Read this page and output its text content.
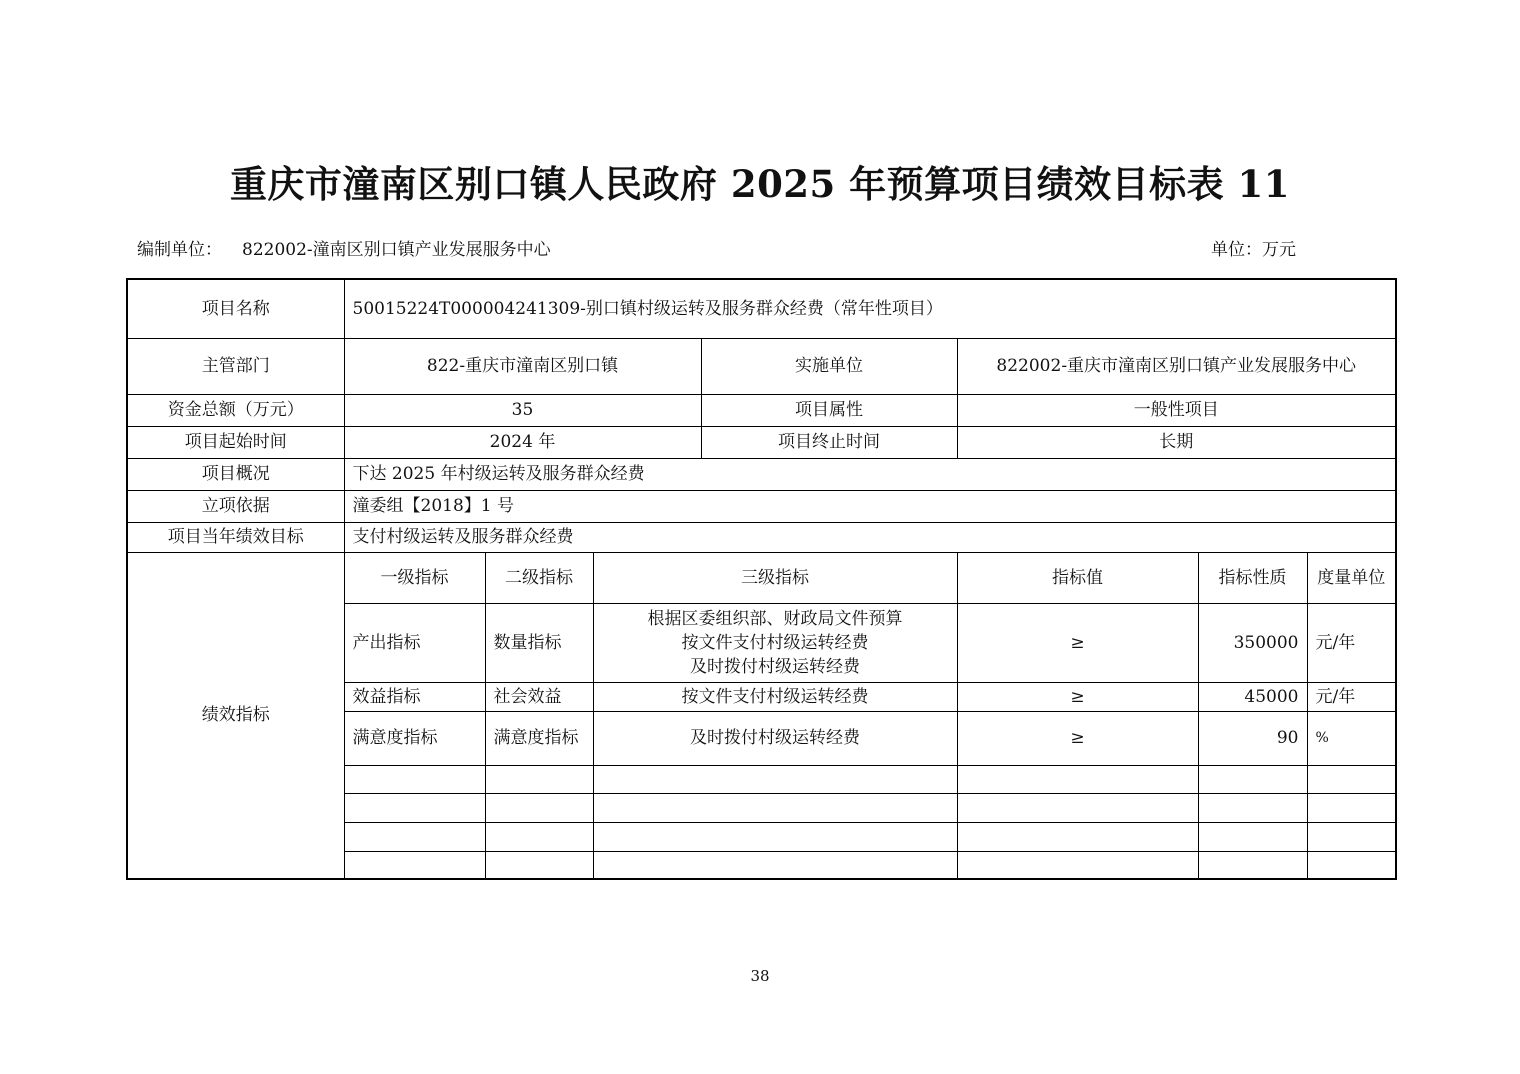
重庆市潼南区别口镇人民政府 2025 年预算项目绩效目标表 11
编制单位： 822002-潼南区别口镇产业发展服务中心	单位：万元
项目名称	50015224T000004241309-别口镇村级运转及服务群众经费（常年性项目）						
主管部门	822-重庆市潼南区别口镇			实施单位	822002-重庆市潼南区别口镇产业发展服务中心		
资金总额（万元）	35			项目属性	一般性项目		
项目起始时间	2024 年			项目终止时间	长期		
项目概况	下达 2025 年村级运转及服务群众经费						
立项依据	潼委组【2018】1 号						
项目当年绩效目标	支付村级运转及服务群众经费						
绩效指标	一级指标	二级指标	三级指标		指标值	指标性质	度量单位
	产出指标	数量指标	根据区委组织部、财政局文件预算
按文件支付村级运转经费
及时拨付村级运转经费		≥	350000	元/年
	效益指标	社会效益	按文件支付村级运转经费		≥	45000	元/年
	满意度指标	满意度指标	及时拨付村级运转经费		≥	90	%

38
